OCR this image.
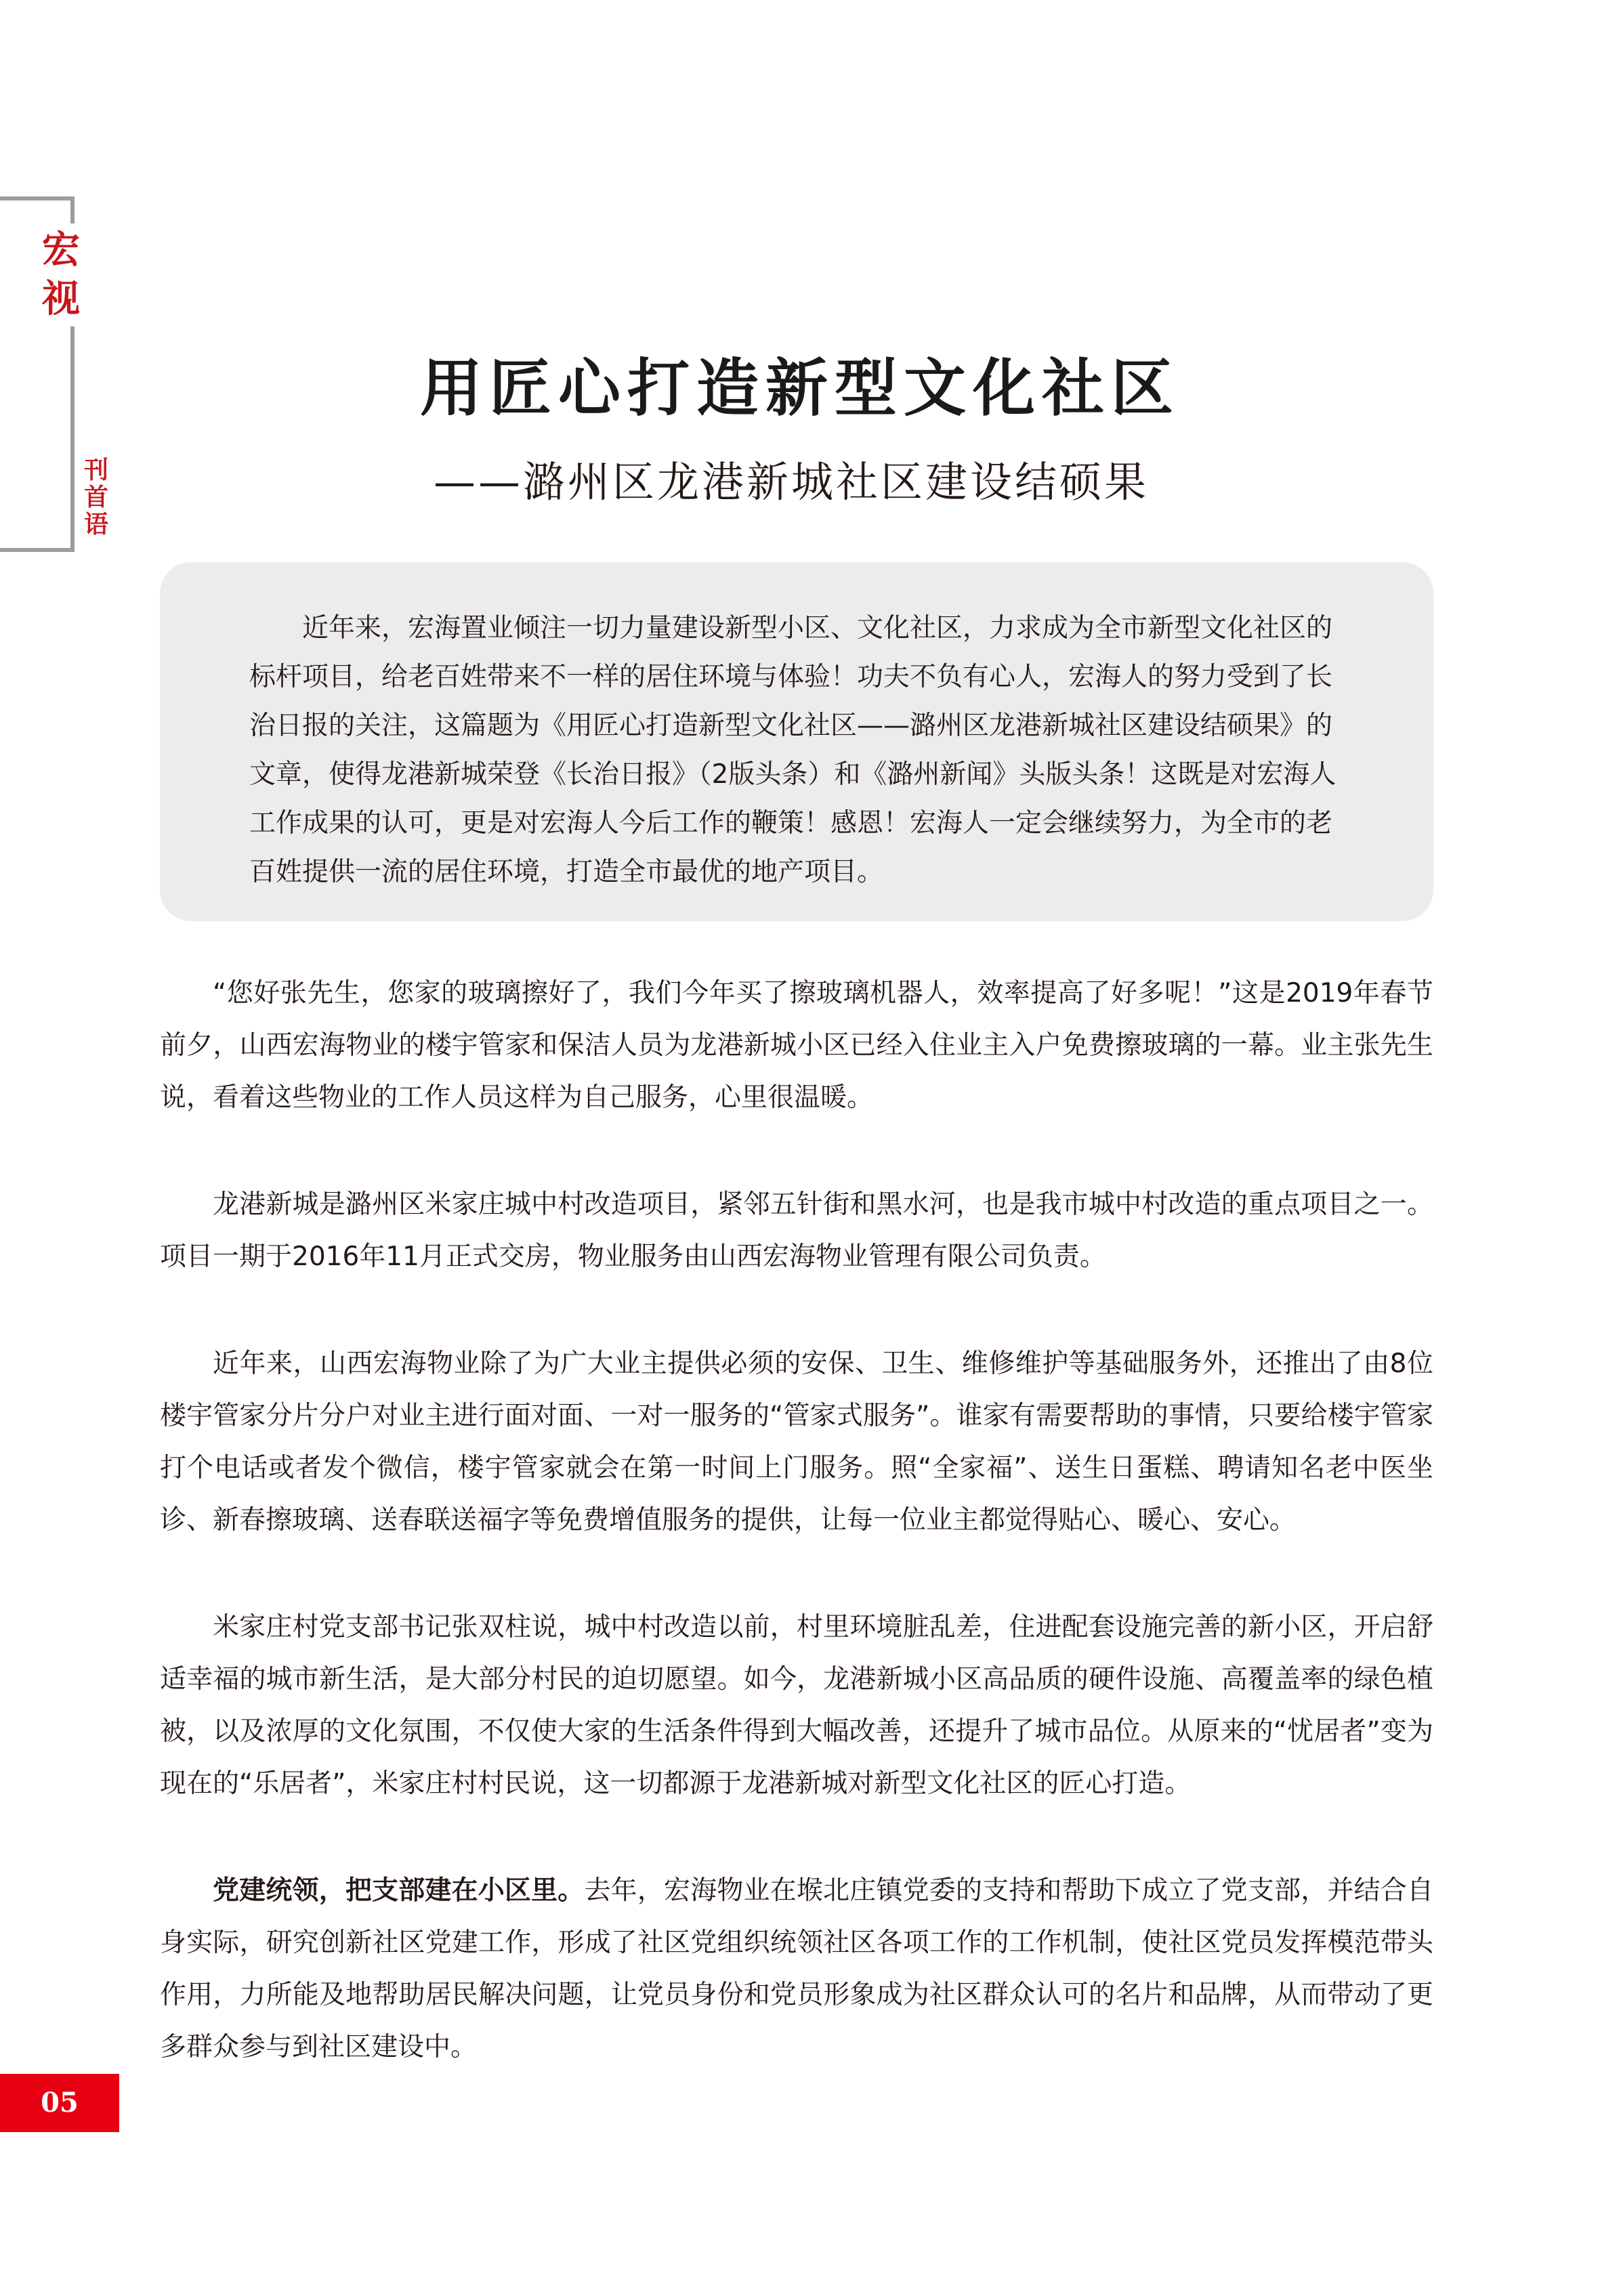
宏
视
刊
首
语
用匠心打造新型文化社区
——潞州区龙港新城社区建设结硕果

近年来，宏海置业倾注一切力量建设新型小区、文化社区，力求成为全市新型文化社区的标杆项目，给老百姓带来不一样的居住环境与体验！功夫不负有心人，宏海人的努力受到了长治日报的关注，这篇题为《用匠心打造新型文化社区——潞州区龙港新城社区建设结硕果》的文章，使得龙港新城荣登《长治日报》（2版头条）和《潞州新闻》头版头条！这既是对宏海人工作成果的认可，更是对宏海人今后工作的鞭策！感恩！宏海人一定会继续努力，为全市的老百姓提供一流的居住环境，打造全市最优的地产项目。

“您好张先生，您家的玻璃擦好了，我们今年买了擦玻璃机器人，效率提高了好多呢！”这是2019年春节前夕，山西宏海物业的楼宇管家和保洁人员为龙港新城小区已经入住业主入户免费擦玻璃的一幕。业主张先生说，看着这些物业的工作人员这样为自己服务，心里很温暖。

龙港新城是潞州区米家庄城中村改造项目，紧邻五针街和黑水河，也是我市城中村改造的重点项目之一。项目一期于2016年11月正式交房，物业服务由山西宏海物业管理有限公司负责。

近年来，山西宏海物业除了为广大业主提供必须的安保、卫生、维修维护等基础服务外，还推出了由8位楼宇管家分片分户对业主进行面对面、一对一服务的“管家式服务”。谁家有需要帮助的事情，只要给楼宇管家打个电话或者发个微信，楼宇管家就会在第一时间上门服务。照“全家福”、送生日蛋糕、聘请知名老中医坐诊、新春擦玻璃、送春联送福字等免费增值服务的提供，让每一位业主都觉得贴心、暖心、安心。

米家庄村党支部书记张双柱说，城中村改造以前，村里环境脏乱差，住进配套设施完善的新小区，开启舒适幸福的城市新生活，是大部分村民的迫切愿望。如今，龙港新城小区高品质的硬件设施、高覆盖率的绿色植被，以及浓厚的文化氛围，不仅使大家的生活条件得到大幅改善，还提升了城市品位。从原来的“忧居者”变为现在的“乐居者”，米家庄村村民说，这一切都源于龙港新城对新型文化社区的匠心打造。

党建统领，把支部建在小区里。去年，宏海物业在堠北庄镇党委的支持和帮助下成立了党支部，并结合自身实际，研究创新社区党建工作，形成了社区党组织统领社区各项工作的工作机制，使社区党员发挥模范带头作用，力所能及地帮助居民解决问题，让党员身份和党员形象成为社区群众认可的名片和品牌，从而带动了更多群众参与到社区建设中。

05
